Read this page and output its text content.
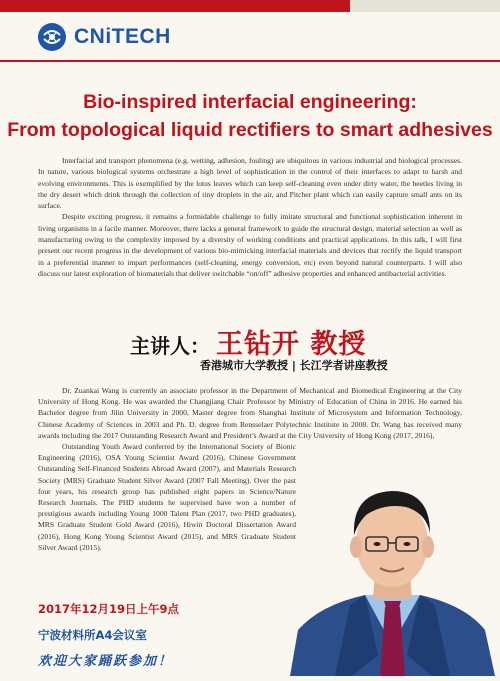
CNiTECH
Bio-inspired interfacial engineering:
From topological liquid rectifiers to smart adhesives

Interfacial and transport phenomena (e.g. wetting, adhesion, fouling) are ubiquitous in various industrial and biological processes. In nature, various biological systems orchestrate a high level of sophistication in the control of their interfaces to adapt to harsh and evolving environments. This is exemplified by the lotus leaves which can keep self-cleaning even under dirty water, the beetles living in the dry desert which drink through the collection of tiny droplets in the air, and Pitcher plant which can easily capture small ants on its surface.

Despite exciting progress, it remains a formidable challenge to fully imitate structural and functional sophistication inherent in living organisms in a facile manner. Moreover, there lacks a general framework to guide the structural design, material selection as well as manufacturing owing to the complexity imposed by a diversity of working conditions and practical applications. In this talk, I will first present our recent progress in the development of various bio-mimicking interfacial materials and devices that rectify the liquid transport in a preferential manner to impart performances (self-cleaning, energy conversion, etc) even beyond natural counterparts. I will also discuss our latest exploration of biomaterials that deliver switchable “on/off” adhesive properties and enhanced antibacterial activities.

主讲人： 王钻开 教授
香港城市大学教授 | 长江学者讲座教授

Dr. Zuankai Wang is currently an associate professor in the Department of Mechanical and Biomedical Engineering at the City University of Hong Kong. He was awarded the Changjiang Chair Professor by Ministry of Education of China in 2016. He earned his Bachelor degree from Jilin University in 2000, Master degree from Shanghai Institute of Microsystem and Information Technology, Chinese Academy of Sciences in 2003 and Ph. D. degree from Rensselaer Polytechnic Institute in 2008. Dr. Wang has received many awards including the 2017 Outstanding Research Award and President’s Award at the City University of Hong Kong (2017, 2016),
Outstanding Youth Award conferred by the International Society of Bionic Engineering (2016), OSA Young Scientist Award (2016), Chinese Government Outstanding Self-Financed Students Abroad Award (2007), and Materials Research Society (MRS) Graduate Student Silver Award (2007 Fall Meeting). Over the past four years, his research group has published eight papers in Science/Nature Research Journals. The PHD students he supervised have won a number of prestigious awards including Young 1000 Talent Plan (2017, two PHD graduates), MRS Graduate Student Gold Award (2016), Hiwin Doctoral Dissertation Award (2016), Hong Kong Young Scientist Award (2015), and MRS Graduate Student Silver Award (2015).

2017年12月19日上午9点
宁波材料所A4会议室
欢迎大家踊跃参加！
